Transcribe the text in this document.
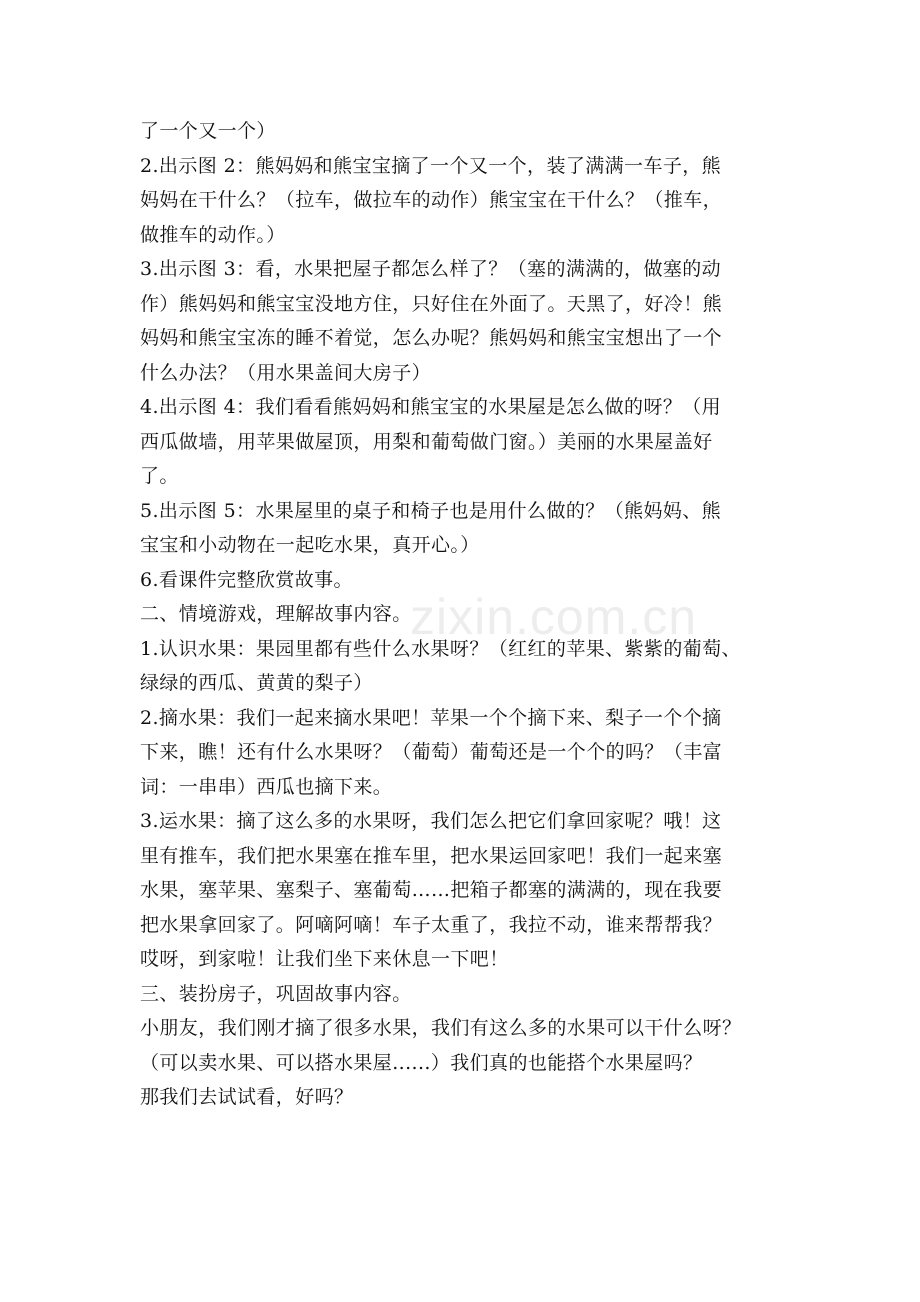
zixin.com.cn
了一个又一个）
2.出示图 2：熊妈妈和熊宝宝摘了一个又一个，装了满满一车子，熊
妈妈在干什么？（拉车，做拉车的动作）熊宝宝在干什么？（推车，
做推车的动作。）
3.出示图 3：看，水果把屋子都怎么样了？（塞的满满的，做塞的动
作）熊妈妈和熊宝宝没地方住，只好住在外面了。天黑了，好冷！熊
妈妈和熊宝宝冻的睡不着觉，怎么办呢？熊妈妈和熊宝宝想出了一个
什么办法？（用水果盖间大房子）
4.出示图 4：我们看看熊妈妈和熊宝宝的水果屋是怎么做的呀？（用
西瓜做墙，用苹果做屋顶，用梨和葡萄做门窗。）美丽的水果屋盖好
了。
5.出示图 5：水果屋里的桌子和椅子也是用什么做的？（熊妈妈、熊
宝宝和小动物在一起吃水果，真开心。）
6.看课件完整欣赏故事。
二、情境游戏，理解故事内容。
1.认识水果：果园里都有些什么水果呀？（红红的苹果、紫紫的葡萄、
绿绿的西瓜、黄黄的梨子）
2.摘水果：我们一起来摘水果吧！苹果一个个摘下来、梨子一个个摘
下来，瞧！还有什么水果呀？（葡萄）葡萄还是一个个的吗？（丰富
词：一串串）西瓜也摘下来。
3.运水果：摘了这么多的水果呀，我们怎么把它们拿回家呢？哦！这
里有推车，我们把水果塞在推车里，把水果运回家吧！我们一起来塞
水果，塞苹果、塞梨子、塞葡萄……把箱子都塞的满满的，现在我要
把水果拿回家了。阿嘀阿嘀！车子太重了，我拉不动，谁来帮帮我？
哎呀，到家啦！让我们坐下来休息一下吧！
三、装扮房子，巩固故事内容。
小朋友，我们刚才摘了很多水果，我们有这么多的水果可以干什么呀？
（可以卖水果、可以搭水果屋......）我们真的也能搭个水果屋吗？
那我们去试试看，好吗？
